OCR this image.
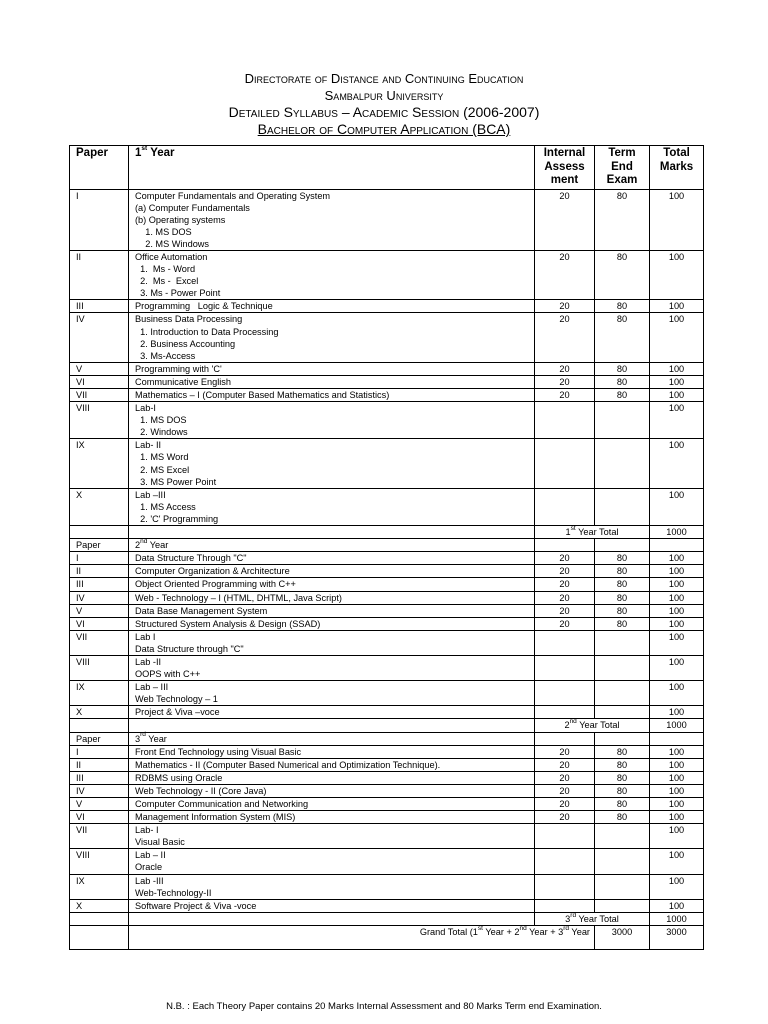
Directorate of Distance and Continuing Education
Sambalpur University
Detailed Syllabus – Academic Session (2006-2007)
Bachelor of Computer Application (BCA)
Paper	1st Year	Internal Assess ment	Term End Exam	Total Marks
I	Computer Fundamentals and Operating System
(a) Computer Fundamentals
(b) Operating systems
1. MS DOS
2. MS Windows	20	80	100
II	Office Automation
1.  Ms - Word
2.  Ms -  Excel
3. Ms - Power Point	20	80	100
III	Programming   Logic & Technique	20	80	100
IV	Business Data Processing
1. Introduction to Data Processing
2. Business Accounting
3. Ms-Access	20	80	100
V	Programming with 'C'	20	80	100
VI	Communicative English	20	80	100
VII	Mathematics – I (Computer Based Mathematics and Statistics)	20	80	100
VIII	Lab-I
1. MS DOS
2. Windows			100
IX	Lab- II
1. MS Word
2. MS Excel
3. MS Power Point			100
X	Lab –III
1. MS Access
2. 'C' Programming			100
		1st Year Total		1000
Paper	2nd Year			
I	Data Structure Through "C"	20	80	100
II	Computer Organization & Architecture	20	80	100
III	Object Oriented Programming with C++	20	80	100
IV	Web - Technology – I (HTML, DHTML, Java Script)	20	80	100
V	Data Base Management System	20	80	100
VI	Structured System Analysis & Design (SSAD)	20	80	100
VII	Lab I
Data Structure through "C"			100
VIII	Lab -II
OOPS with C++			100
IX	Lab – III
Web Technology – 1			100
X	Project & Viva –voce			100
		2nd Year Total		1000
Paper	3rd Year			
I	Front End Technology using Visual Basic	20	80	100
II	Mathematics - II (Computer Based Numerical and Optimization Technique).	20	80	100
III	RDBMS using Oracle	20	80	100
IV	Web Technology - II (Core Java)	20	80	100
V	Computer Communication and Networking	20	80	100
VI	Management Information System (MIS)	20	80	100
VII	Lab- I
Visual Basic			100
VIII	Lab – II
Oracle			100
IX	Lab -III
Web-Technology-II			100
X	Software Project & Viva -voce			100
		3rd Year Total		1000
	Grand Total (1st Year + 2nd Year + 3rd Year		3000	3000
N.B. : Each Theory Paper contains 20 Marks Internal Assessment and 80 Marks Term end Examination.
